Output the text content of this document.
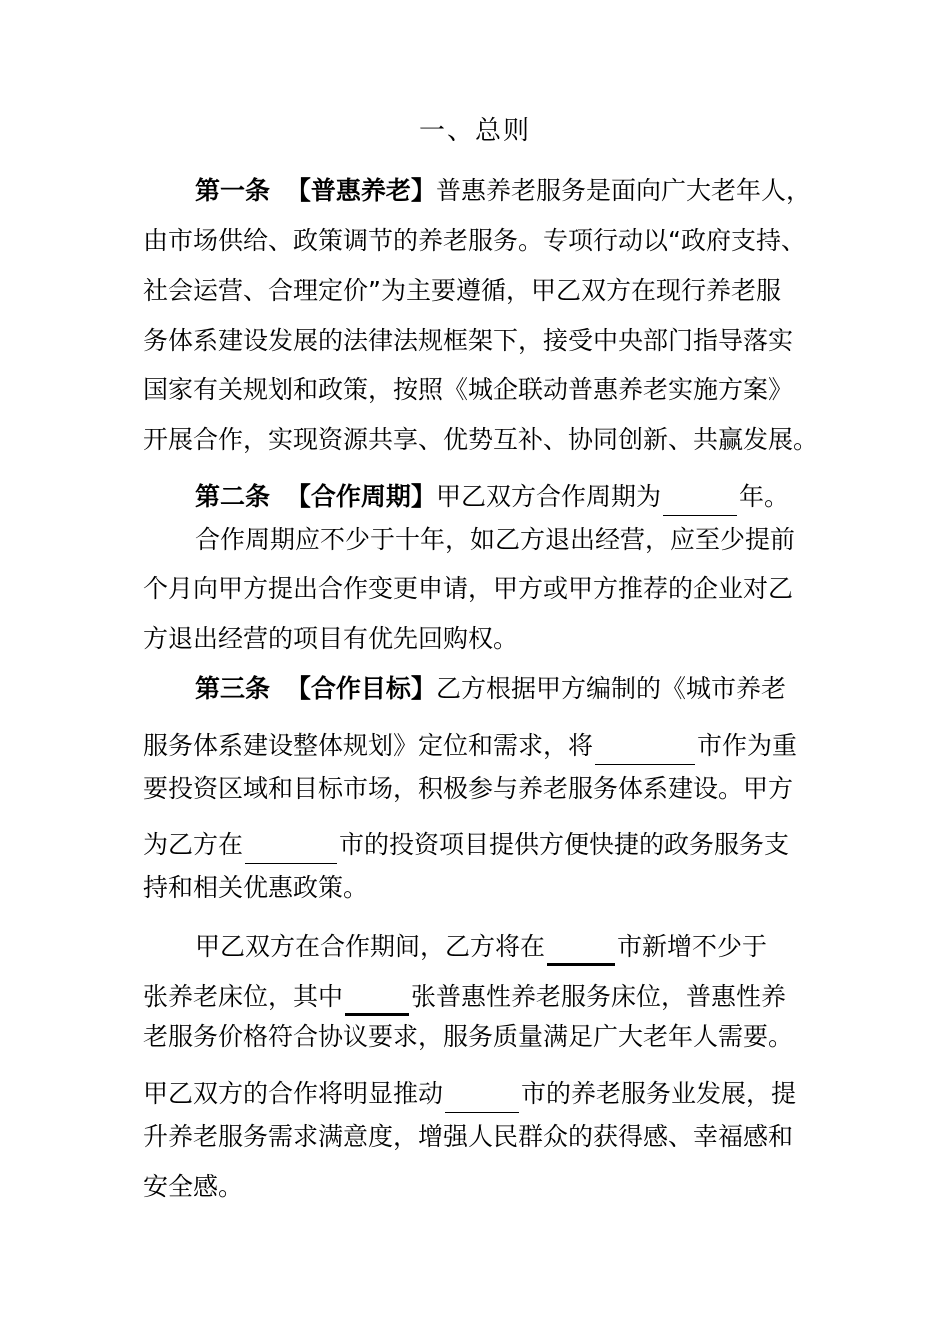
一、总则
第一条 【普惠养老】普惠养老服务是面向广大老年人，
由市场供给、政策调节的养老服务。专项行动以“政府支持、
社会运营、合理定价”为主要遵循，甲乙双方在现行养老服
务体系建设发展的法律法规框架下，接受中央部门指导落实
国家有关规划和政策，按照《城企联动普惠养老实施方案》
开展合作，实现资源共享、优势互补、协同创新、共赢发展。
第二条 【合作周期】甲乙双方合作周期为	年。
合作周期应不少于十年，如乙方退出经营，应至少提前
个月向甲方提出合作变更申请，甲方或甲方推荐的企业对乙
方退出经营的项目有优先回购权。
第三条 【合作目标】乙方根据甲方编制的《城市养老
服务体系建设整体规划》定位和需求，将	市作为重
要投资区域和目标市场，积极参与养老服务体系建设。甲方
为乙方在	市的投资项目提供方便快捷的政务服务支
持和相关优惠政策。
甲乙双方在合作期间，乙方将在	市新增不少于
张养老床位，其中	张普惠性养老服务床位，普惠性养
老服务价格符合协议要求，服务质量满足广大老年人需要。
甲乙双方的合作将明显推动	市的养老服务业发展，提
升养老服务需求满意度，增强人民群众的获得感、幸福感和
安全感。
